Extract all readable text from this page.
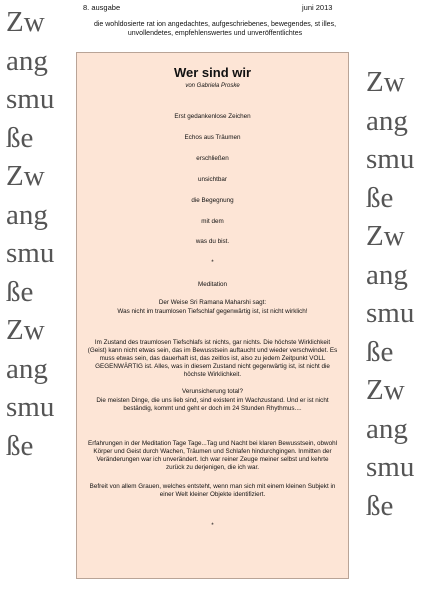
Zw
ang
smu
ße
Zw
ang
smu
ße
Zw
ang
smu
ße
Zw
ang
smu
ße
Zw
ang
smu
ße
Zw
ang
smu
ße
8. ausgabe	juni 2013
die wohldosierte rat ion angedachtes, aufgeschriebenes, bewegendes, st illes,
unvollendetes, empfehlenswertes und unveröffentlichtes
Wer sind wir
von Gabriela Proske
Erst gedankenlose Zeichen
Echos aus Träumen
erschließen
unsichtbar
die Begegnung
mit dem
was du bist.
*
Meditation
Der Weise Sri Ramana Maharshi sagt:
Was nicht im traumlosen Tiefschlaf gegenwärtig ist, ist nicht wirklich!
Im Zustand des traumlosen Tiefschlafs ist nichts, gar nichts. Die höchste Wirklichkeit (Geist) kann nicht etwas sein, das im Bewusstsein auftaucht und wieder verschwindet. Es muss etwas sein, das dauerhaft ist, das zeitlos ist, also zu jedem Zeitpunkt VOLL GEGENWÄRTIG ist. Alles, was in diesem Zustand nicht gegenwärtig ist, ist nicht die höchste Wirklichkeit.
Verunsicherung total?
Die meisten Dinge, die uns lieb sind, sind existent im Wachzustand. Und er ist nicht beständig, kommt und geht er doch im 24 Stunden Rhythmus....
Erfahrungen in der Meditation Tage Tage...Tag und Nacht bei klaren Bewusstsein, obwohl Körper und Geist durch Wachen, Träumen und Schlafen hindurchgingen. Inmitten der Veränderungen war ich unverändert. Ich war reiner Zeuge meiner selbst und kehrte zurück zu derjenigen, die ich war.
Befreit von allem Grauen, welches entsteht, wenn man sich mit einem kleinen Subjekt in einer Welt kleiner Objekte identifiziert.
*
